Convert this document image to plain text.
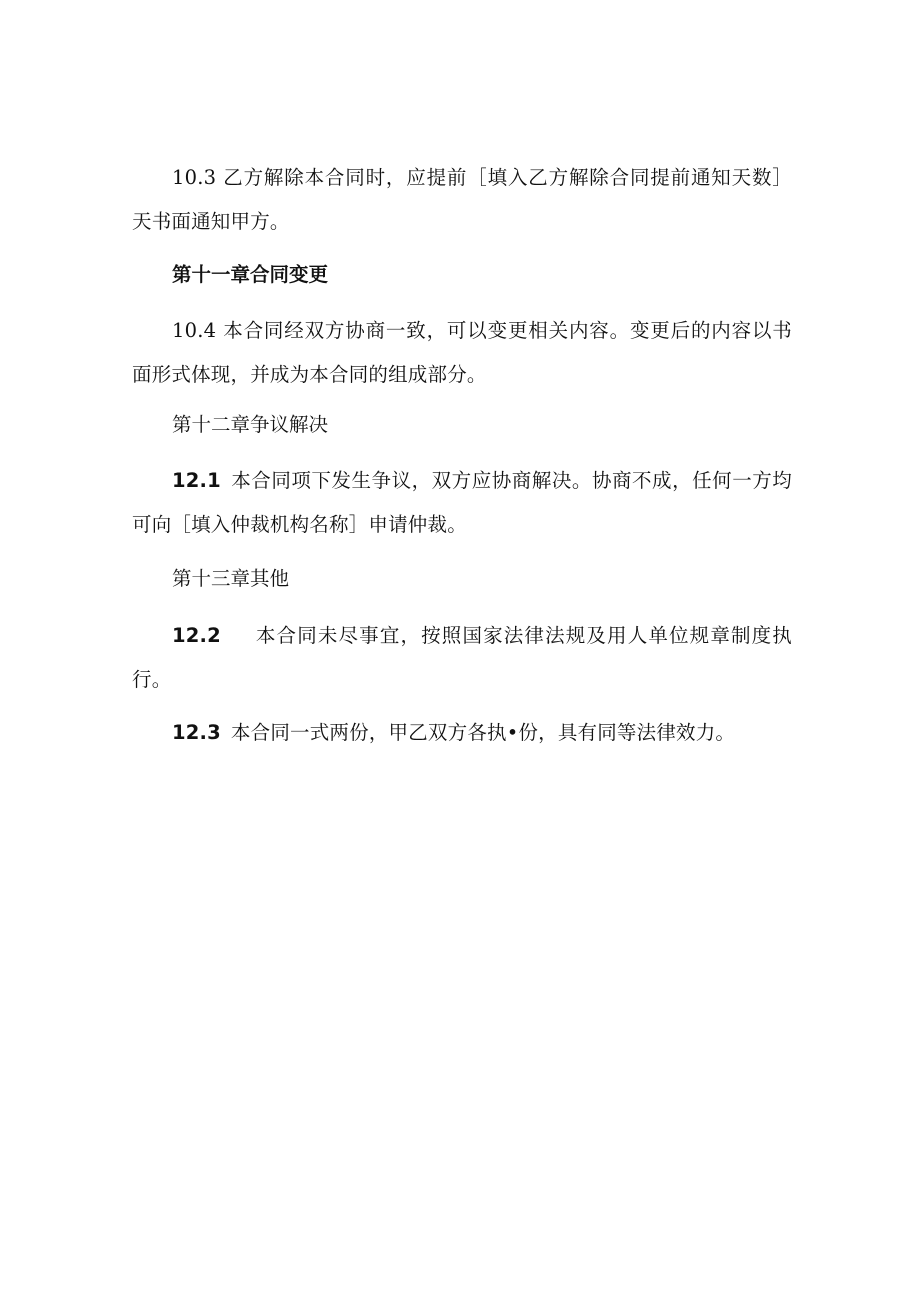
10.3 乙方解除本合同时，应提前［填入乙方解除合同提前通知天数］天书面通知甲方。

第十一章合同变更

10.4 本合同经双方协商一致，可以变更相关内容。变更后的内容以书面形式体现，并成为本合同的组成部分。

第十二章争议解决

12.1 本合同项下发生争议，双方应协商解决。协商不成，任何一方均可向［填入仲裁机构名称］申请仲裁。

第十三章其他

12.2 本合同未尽事宜，按照国家法律法规及用人单位规章制度执行。

12.3 本合同一式两份，甲乙双方各执•份，具有同等法律效力。
